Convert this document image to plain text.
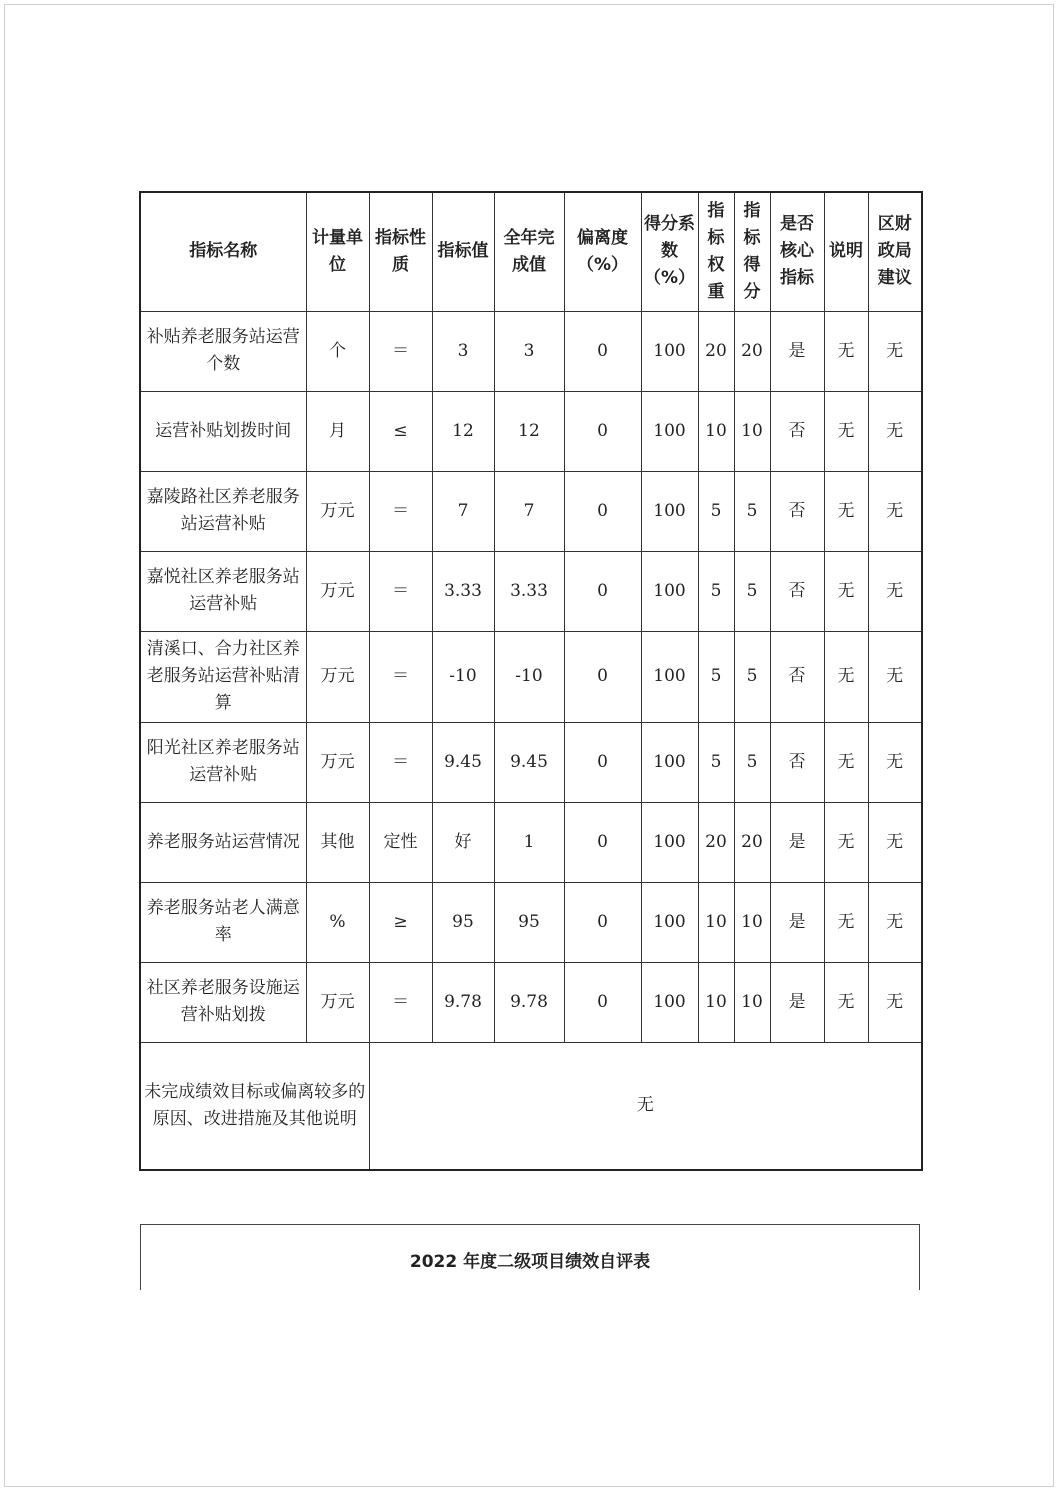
指标名称	计量单位	指标性质	指标值	全年完成值	偏离度（%）	得分系数（%）	指标权重	指标得分	是否核心指标	说明	区财政局建议
补贴养老服务站运营个数	个	＝	3	3	0	100	20	20	是	无	无
运营补贴划拨时间	月	≤	12	12	0	100	10	10	否	无	无
嘉陵路社区养老服务站运营补贴	万元	＝	7	7	0	100	5	5	否	无	无
嘉悦社区养老服务站运营补贴	万元	＝	3.33	3.33	0	100	5	5	否	无	无
清溪口、合力社区养老服务站运营补贴清算	万元	＝	-10	-10	0	100	5	5	否	无	无
阳光社区养老服务站运营补贴	万元	＝	9.45	9.45	0	100	5	5	否	无	无
养老服务站运营情况	其他	定性	好	1	0	100	20	20	是	无	无
养老服务站老人满意率	%	≥	95	95	0	100	10	10	是	无	无
社区养老服务设施运营补贴划拨	万元	＝	9.78	9.78	0	100	10	10	是	无	无
未完成绩效目标或偏离较多的原因、改进措施及其他说明		无									
2022 年度二级项目绩效自评表
